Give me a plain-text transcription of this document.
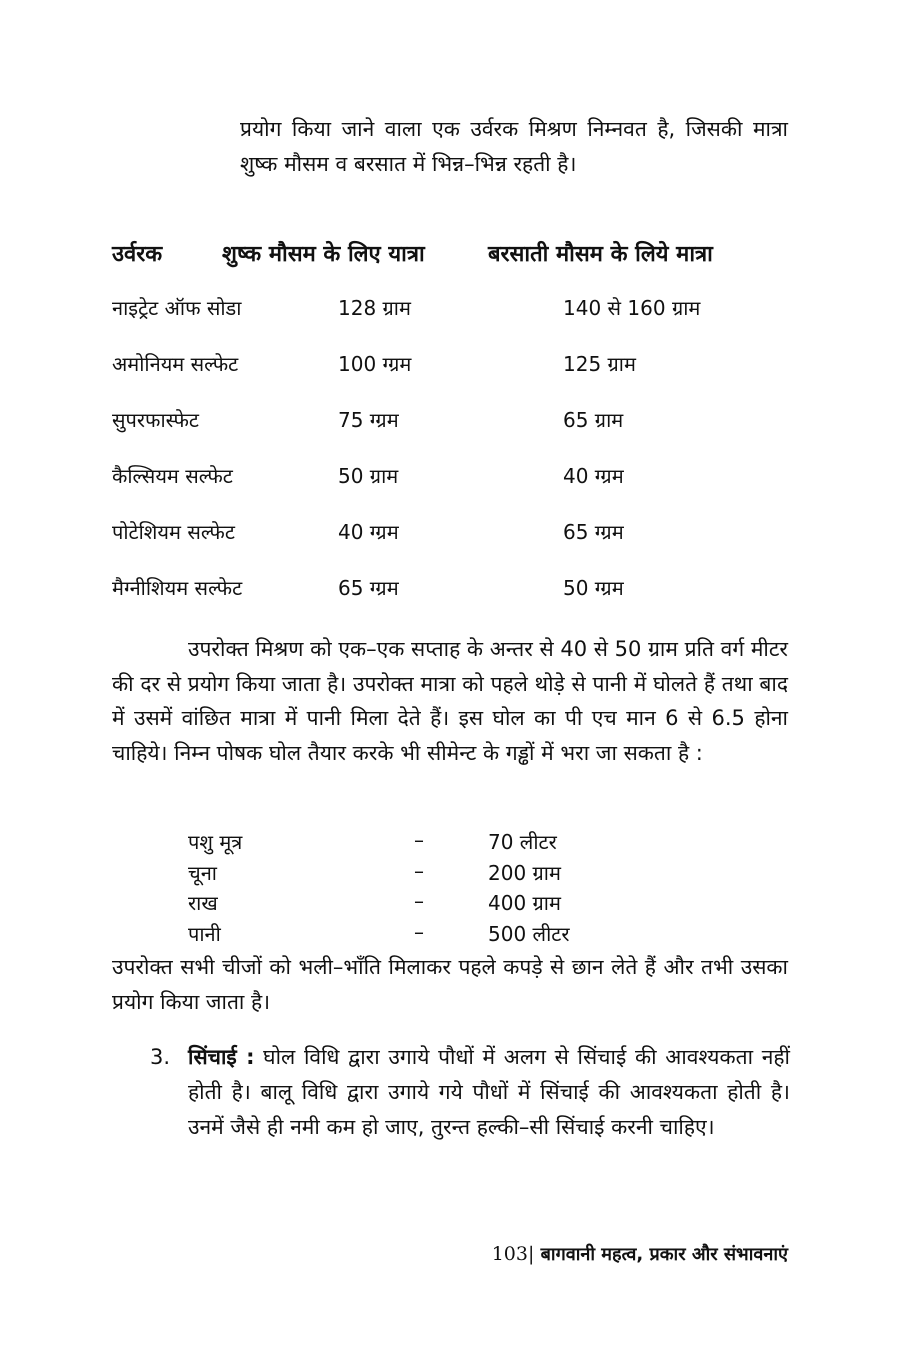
प्रयोग किया जाने वाला एक उर्वरक मिश्रण निम्नवत है, जिसकी मात्रा शुष्क मौसम व बरसात में भिन्न–भिन्न रहती है।

उर्वरक	शुष्क मौसम के लिए यात्रा	बरसाती मौसम के लिये मात्रा
नाइट्रेट ऑफ सोडा	128 ग्राम	140 से 160 ग्राम
अमोनियम सल्फेट	100 ग्ग्रम	125 ग्राम
सुपरफास्फेट	75 ग्ग्रम	65 ग्राम
कैल्सियम सल्फेट	50 ग्राम	40 ग्ग्रम
पोटेशियम सल्फेट	40 ग्ग्रम	65 ग्ग्रम
मैग्नीशियम सल्फेट	65 ग्ग्रम	50 ग्ग्रम

उपरोक्त मिश्रण को एक–एक सप्ताह के अन्तर से 40 से 50 ग्राम प्रति वर्ग मीटर की दर से प्रयोग किया जाता है। उपरोक्त मात्रा को पहले थोड़े से पानी में घोलते हैं तथा बाद में उसमें वांछित मात्रा में पानी मिला देते हैं। इस घोल का पी एच मान 6 से 6.5 होना चाहिये। निम्न पोषक घोल तैयार करके भी सीमेन्ट के गड्ढों में भरा जा सकता है :

पशु मूत्र	–	70 लीटर
चूना	–	200 ग्राम
राख	–	400 ग्राम
पानी	–	500 लीटर

उपरोक्त सभी चीजों को भली–भाँति मिलाकर पहले कपड़े से छान लेते हैं और तभी उसका प्रयोग किया जाता है।

3. सिंचाई : घोल विधि द्वारा उगाये पौधों में अलग से सिंचाई की आवश्यकता नहीं होती है। बालू विधि द्वारा उगाये गये पौधों में सिंचाई की आवश्यकता होती है। उनमें जैसे ही नमी कम हो जाए, तुरन्त हल्की–सी सिंचाई करनी चाहिए।

103| बागवानी महत्व, प्रकार और संभावनाएं
